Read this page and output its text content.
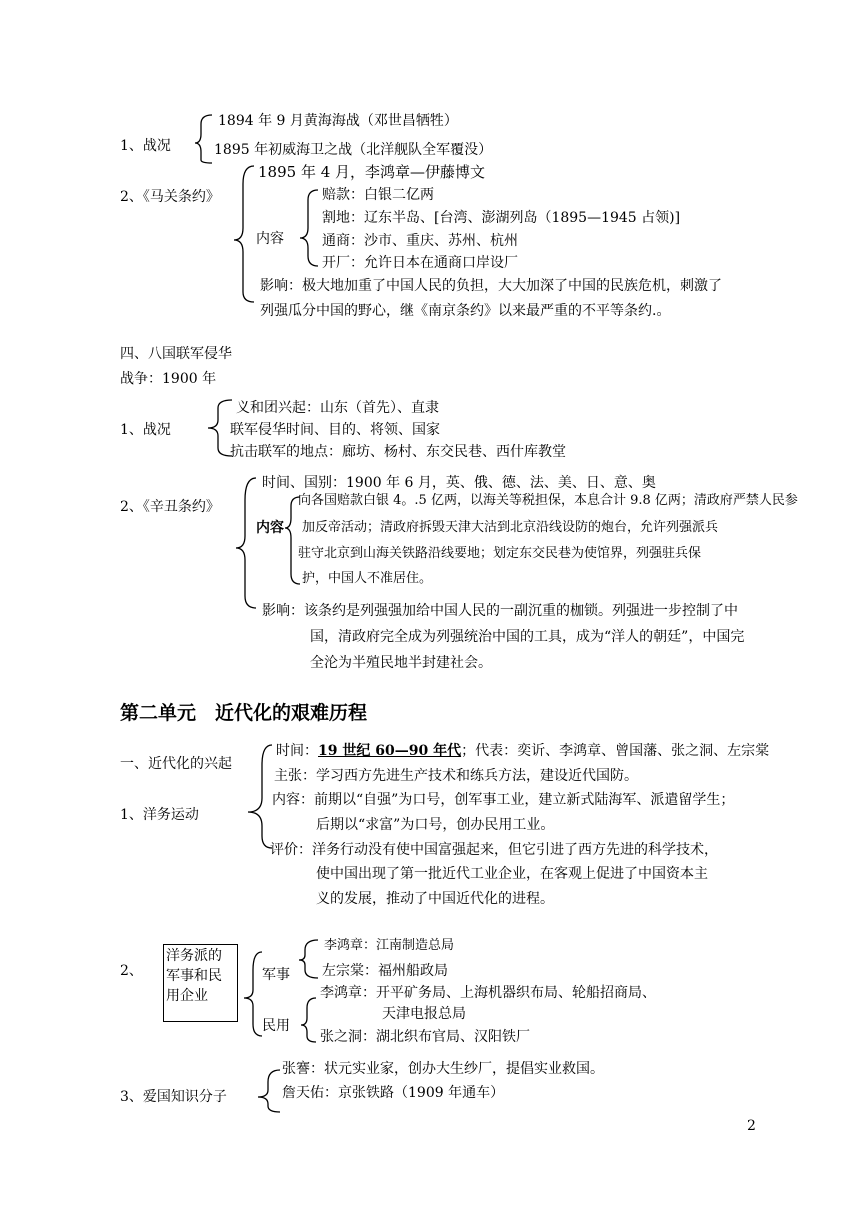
1、战况
1894 年 9 月黄海海战（邓世昌牺牲）
1895 年初威海卫之战（北洋舰队全军覆没）
2、《马关条约》
1895 年 4 月，李鸿章—伊藤博文
内容
赔款：白银二亿两
割地：辽东半岛、[台湾、澎湖列岛（1895—1945 占领)]
通商：沙市、重庆、苏州、杭州
开厂：允许日本在通商口岸设厂
影响：极大地加重了中国人民的负担，大大加深了中国的民族危机，刺激了
列强瓜分中国的野心，继《南京条约》以来最严重的不平等条约.。
四、八国联军侵华
战争：1900 年
1、战况
义和团兴起：山东（首先）、直隶
联军侵华时间、目的、将领、国家
抗击联军的地点：廊坊、杨村、东交民巷、西什库教堂
2、《辛丑条约》
时间、国别：1900 年 6 月，英、俄、德、法、美、日、意、奥
内容
向各国赔款白银 4。.5 亿两，以海关等税担保，本息合计 9.8 亿两；清政府严禁人民参
加反帝活动；清政府拆毁天津大沽到北京沿线设防的炮台，允许列强派兵
驻守北京到山海关铁路沿线要地；划定东交民巷为使馆界，列强驻兵保
护，中国人不准居住。
影响：该条约是列强强加给中国人民的一副沉重的枷锁。列强进一步控制了中
国，清政府完全成为列强统治中国的工具，成为“洋人的朝廷”，中国完
全沦为半殖民地半封建社会。
第二单元　近代化的艰难历程
一、近代化的兴起
1、洋务运动
时间：19 世纪 60—90 年代；代表：奕䜣、李鸿章、曾国藩、张之洞、左宗棠
主张：学习西方先进生产技术和练兵方法，建设近代国防。
内容：前期以“自强”为口号，创军事工业，建立新式陆海军、派遣留学生；
后期以“求富”为口号，创办民用工业。
评价：洋务行动没有使中国富强起来，但它引进了西方先进的科学技术，
使中国出现了第一批近代工业企业，在客观上促进了中国资本主
义的发展，推动了中国近代化的进程。
2、
洋务派的军事和民用企业
军事
李鸿章：江南制造总局
左宗棠：福州船政局
民用
李鸿章：开平矿务局、上海机器织布局、轮船招商局、
天津电报总局
张之洞：湖北织布官局、汉阳铁厂
3、爱国知识分子
张謇：状元实业家，创办大生纱厂，提倡实业救国。
詹天佑：京张铁路（1909 年通车）
2
